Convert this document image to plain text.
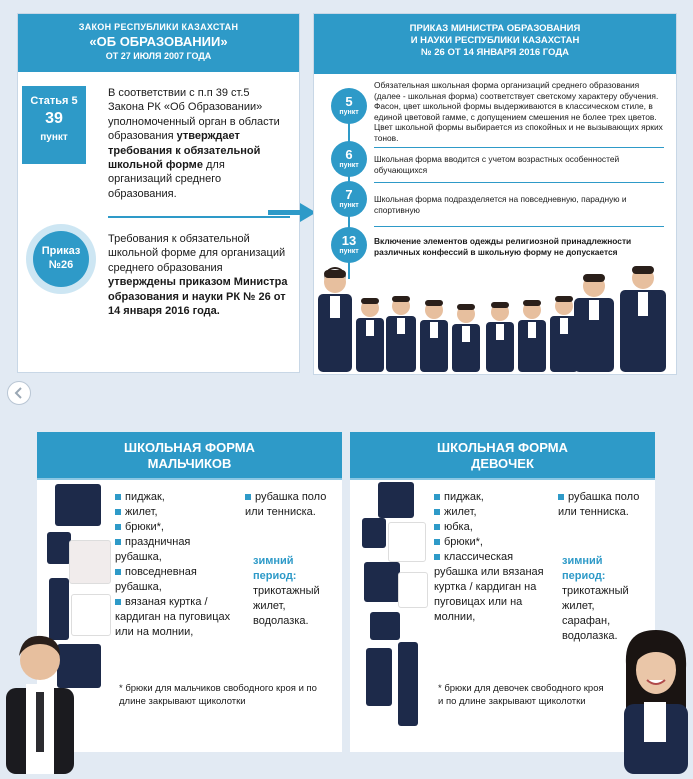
ЗАКОН РЕСПУБЛИКИ КАЗАХСТАН
«ОБ ОБРАЗОВАНИИ»
ОТ 27 ИЮЛЯ 2007 ГОДА
Статья 5
39
пункт
В соответствии с п.п 39 ст.5 Закона РК «Об Образовании» уполномоченный орган в области образования утверждает требования к обязательной школьной форме для организаций среднего образования.
Приказ
№26
Требования к обязательной школьной форме для организаций среднего образования утверждены приказом Министра образования и науки РК № 26 от 14 января 2016 года.
ПРИКАЗ МИНИСТРА ОБРАЗОВАНИЯ
И НАУКИ РЕСПУБЛИКИ КАЗАХСТАН
№ 26 ОТ 14 ЯНВАРЯ 2016 ГОДА
5
пункт
Обязательная школьная форма организаций среднего образования (далее - школьная форма) соответствует светскому характеру обучения. Фасон, цвет школьной формы выдерживаются в классическом стиле, в единой цветовой гамме, с допущением смешения не более трех цветов. Цвет школьной формы выбирается из спокойных и не вызывающих ярких тонов.
6
пункт
Школьная форма вводится с учетом возрастных особенностей обучающихся
7
пункт
Школьная форма подразделяется на повседневную, парадную и спортивную
13
пункт
Включение элементов одежды религиозной принадлежности различных конфессий в школьную форму не допускается
ШКОЛЬНАЯ ФОРМА
МАЛЬЧИКОВ
пиджак,
жилет,
брюки*,
праздничная рубашка,
повседневная рубашка,
вязаная куртка / кардиган на пуговицах или на молнии,
рубашка поло или тенниска.
зимний период:
трикотажный жилет, водолазка.
* брюки для мальчиков свободного кроя и по длине закрывают щиколотки
ШКОЛЬНАЯ ФОРМА
ДЕВОЧЕК
пиджак,
жилет,
юбка,
брюки*,
классическая рубашка или вязаная куртка / кардиган на пуговицах или на молнии,
рубашка поло или тенниска.
зимний период:
трикотажный жилет, сарафан, водолазка.
* брюки для девочек свободного кроя и по длине закрывают щиколотки
